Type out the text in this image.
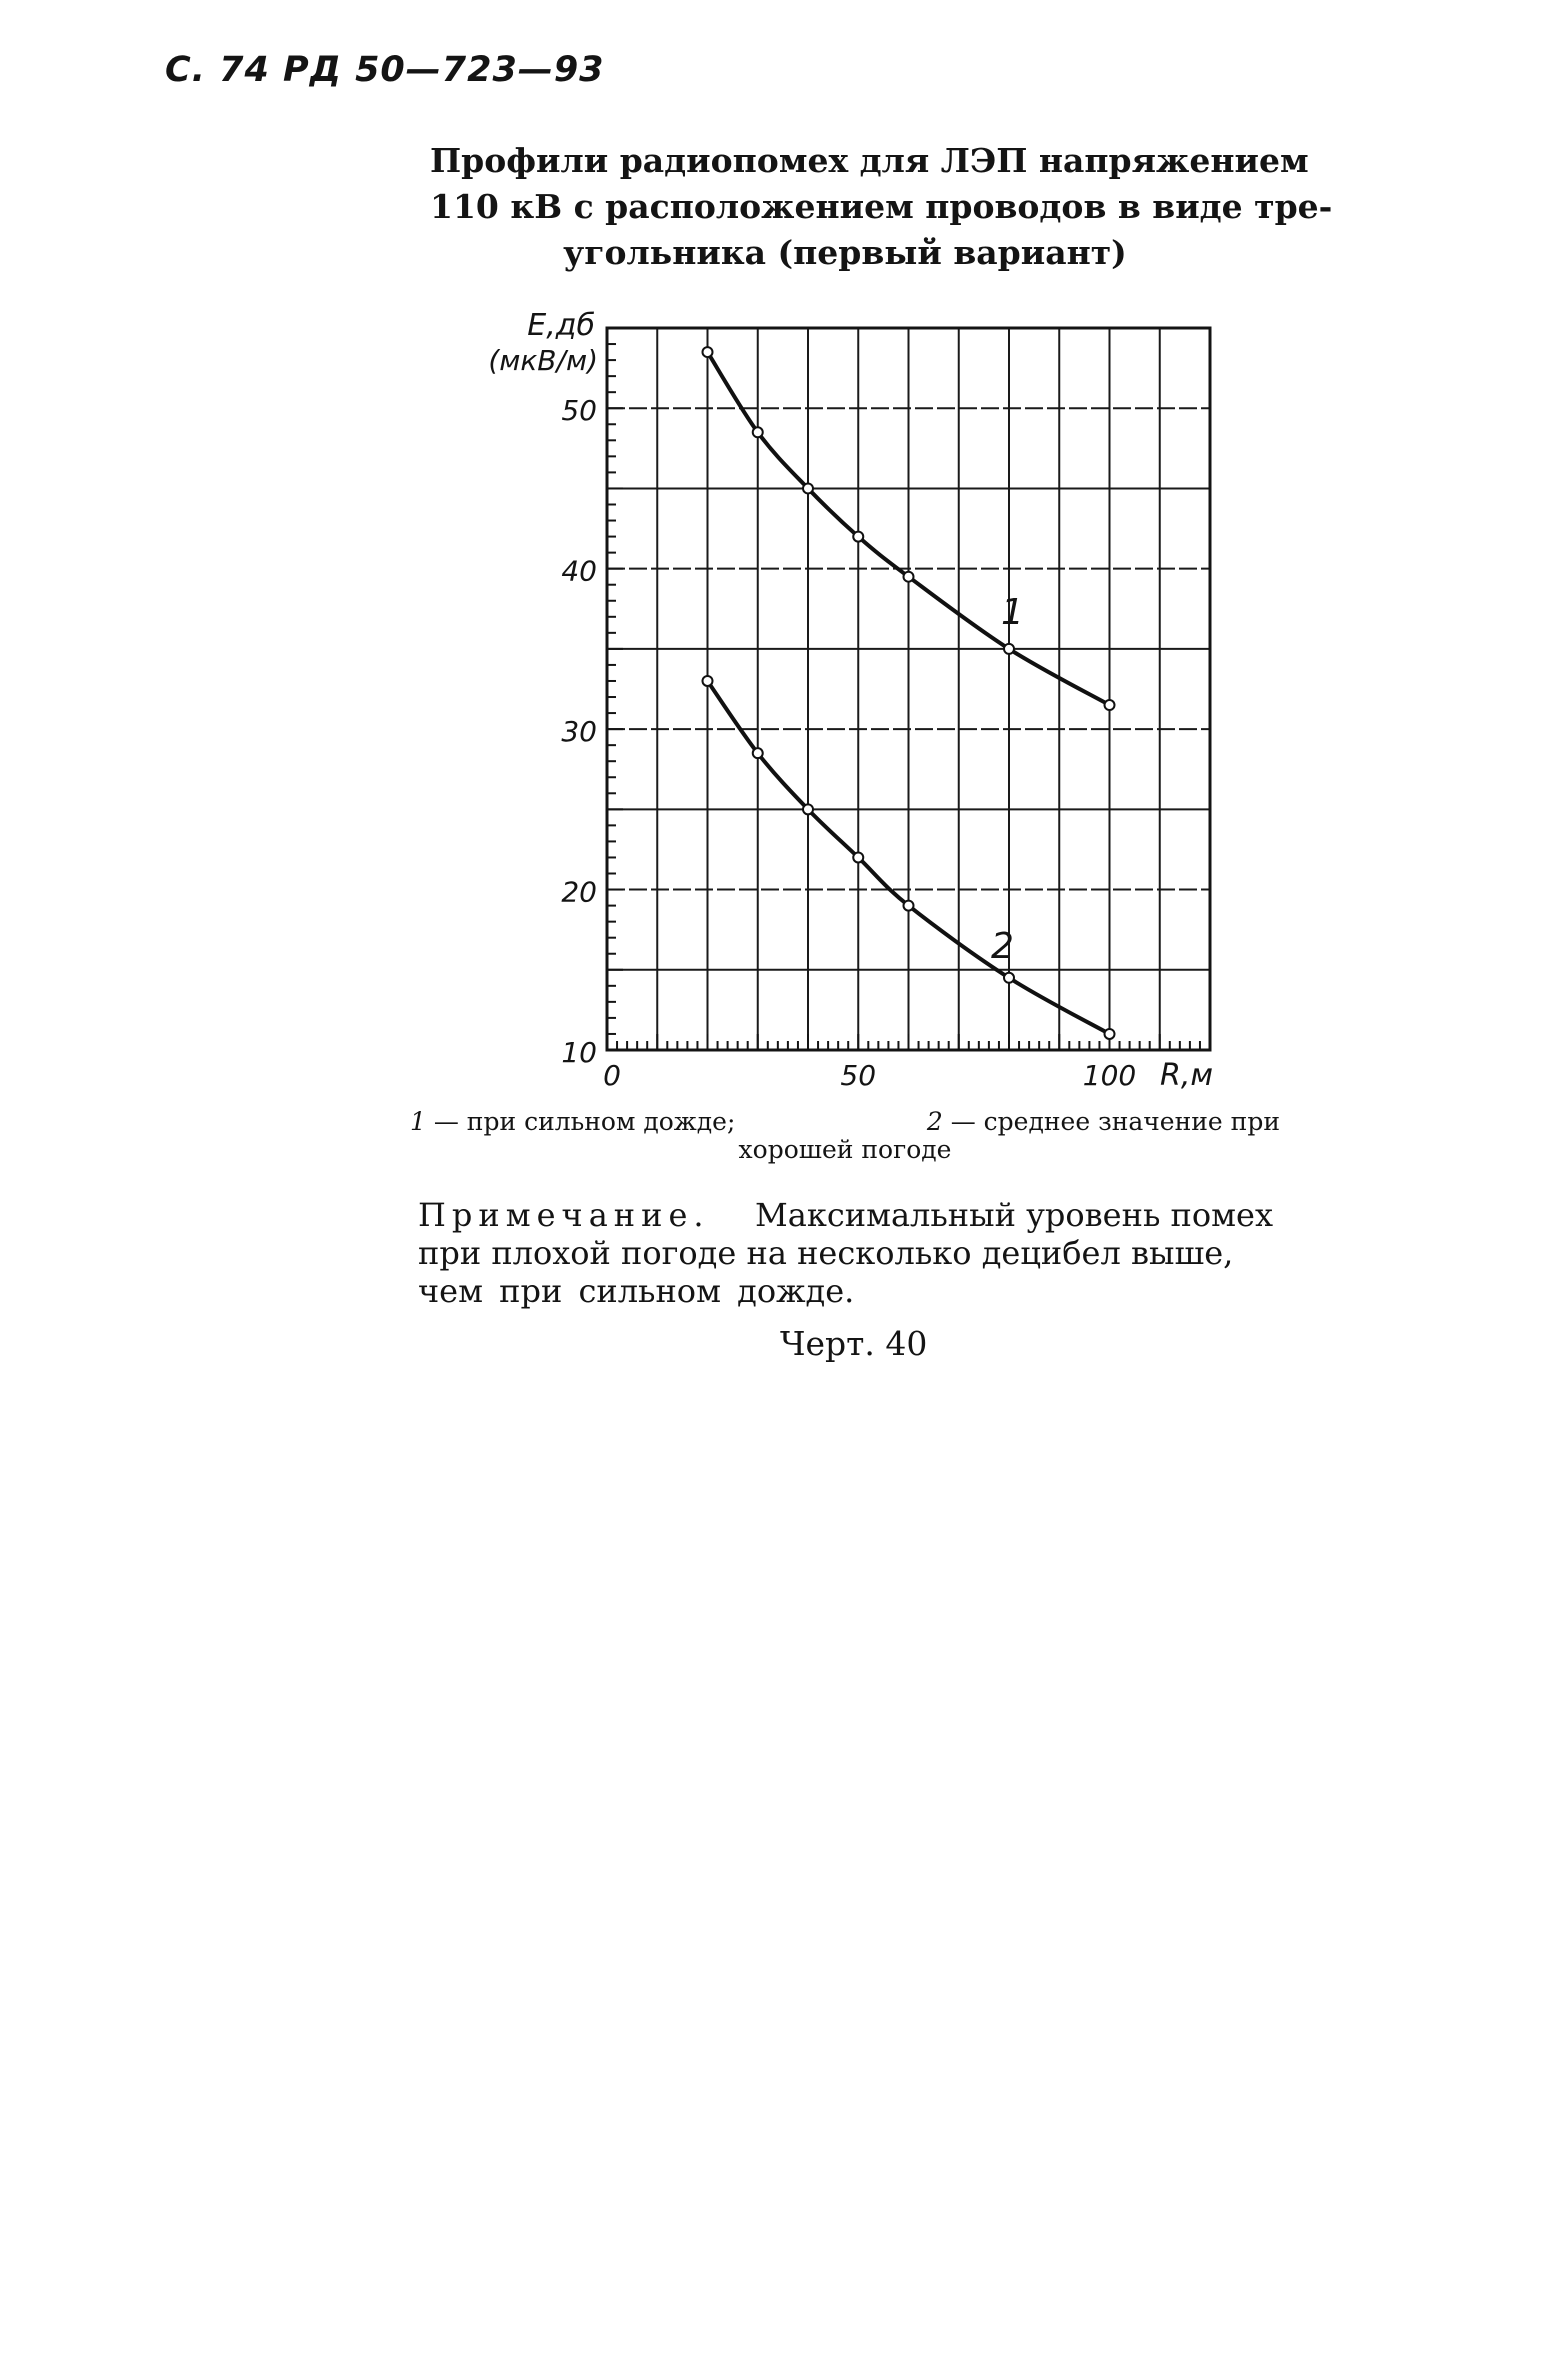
С. 74 РД 50—723—93
Профили радиопомех для ЛЭП напряжением
110 кВ с расположением проводов в виде тре-
угольника (первый вариант)
10
20
30
40
50
0	50	100
1
2
Е,дб
(мкВ/м)
R,м
1 — при сильном дожде;	2 — среднее значение при
хорошей погоде
Примечание. Максимальный уровень помех
при плохой погоде на несколько децибел выше,
чем при сильном дожде.
Черт. 40
